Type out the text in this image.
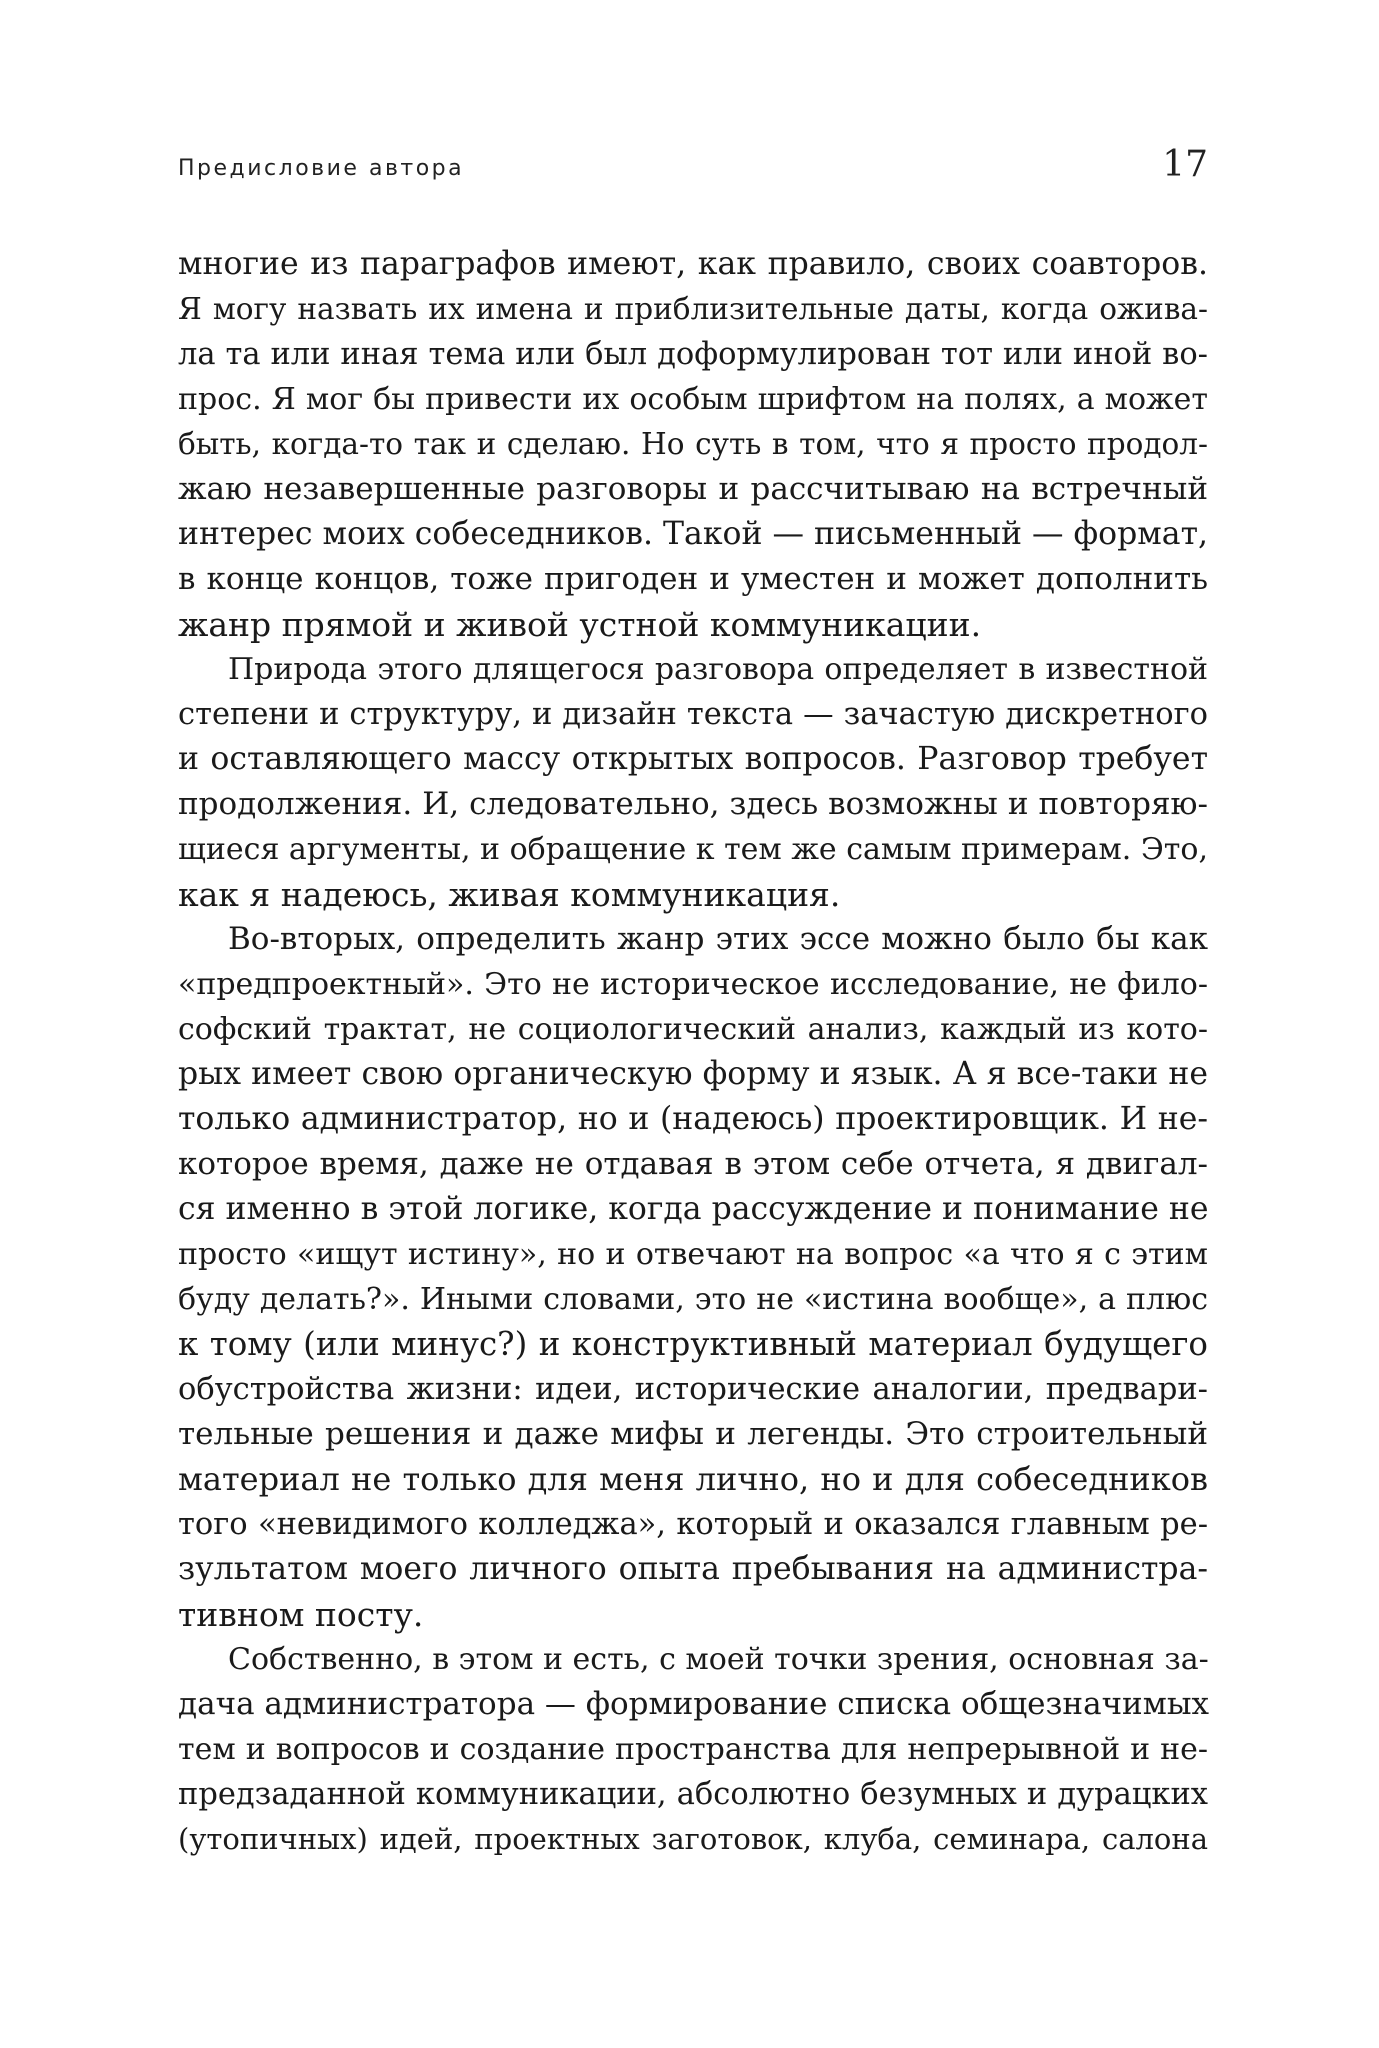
Предисловие автора	17
многие из параграфов имеют, как правило, своих соавторов.
Я могу назвать их имена и приблизительные даты, когда ожива-
ла та или иная тема или был доформулирован тот или иной во-
прос. Я мог бы привести их особым шрифтом на полях, а может
быть, когда-то так и сделаю. Но суть в том, что я просто продол-
жаю незавершенные разговоры и рассчитываю на встречный
интерес моих собеседников. Такой — письменный — формат,
в конце концов, тоже пригоден и уместен и может дополнить
жанр прямой и живой устной коммуникации.
Природа этого длящегося разговора определяет в известной
степени и структуру, и дизайн текста — зачастую дискретного
и оставляющего массу открытых вопросов. Разговор требует
продолжения. И, следовательно, здесь возможны и повторяю-
щиеся аргументы, и обращение к тем же самым примерам. Это,
как я надеюсь, живая коммуникация.
Во-вторых, определить жанр этих эссе можно было бы как
«предпроектный». Это не историческое исследование, не фило-
софский трактат, не социологический анализ, каждый из кото-
рых имеет свою органическую форму и язык. А я все-таки не
только администратор, но и (надеюсь) проектировщик. И не-
которое время, даже не отдавая в этом себе отчета, я двигал-
ся именно в этой логике, когда рассуждение и понимание не
просто «ищут истину», но и отвечают на вопрос «а что я с этим
буду делать?». Иными словами, это не «истина вообще», а плюс
к тому (или минус?) и конструктивный материал будущего
обустройства жизни: идеи, исторические аналогии, предвари-
тельные решения и даже мифы и легенды. Это строительный
материал не только для меня лично, но и для собеседников
того «невидимого колледжа», который и оказался главным ре-
зультатом моего личного опыта пребывания на администра-
тивном посту.
Собственно, в этом и есть, с моей точки зрения, основная за-
дача администратора — формирование списка общезначимых
тем и вопросов и создание пространства для непрерывной и не-
предзаданной коммуникации, абсолютно безумных и дурацких
(утопичных) идей, проектных заготовок, клуба, семинара, салона
